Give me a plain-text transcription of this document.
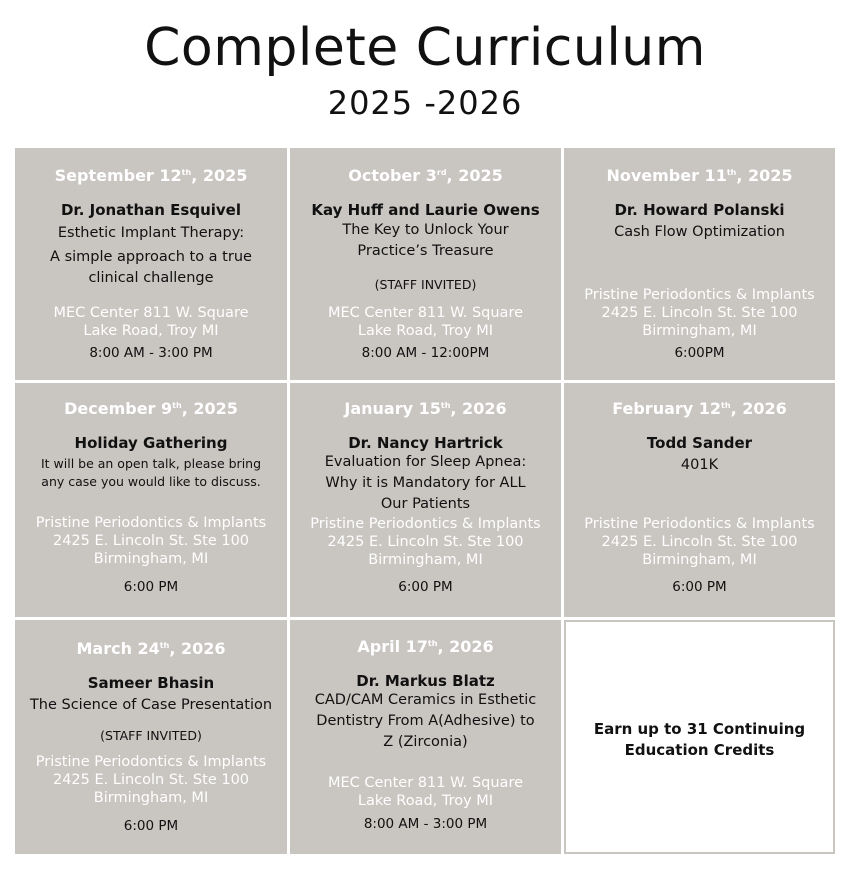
Complete Curriculum
2025 -2026
September 12th, 2025
Dr. Jonathan Esquivel
Esthetic Implant Therapy:
A simple approach to a true
clinical challenge
MEC Center 811 W. Square
Lake Road, Troy MI
8:00 AM - 3:00 PM
October 3rd, 2025
Kay Huff and Laurie Owens
The Key to Unlock Your
Practice’s Treasure
(STAFF INVITED)
MEC Center 811 W. Square
Lake Road, Troy MI
8:00 AM - 12:00PM
November 11th, 2025
Dr. Howard Polanski
Cash Flow Optimization
Pristine Periodontics & Implants
2425 E. Lincoln St. Ste 100
Birmingham, MI
6:00PM
December 9th, 2025
Holiday Gathering
It will be an open talk, please bring
any case you would like to discuss.
Pristine Periodontics & Implants
2425 E. Lincoln St. Ste 100
Birmingham, MI
6:00 PM
January 15th, 2026
Dr. Nancy Hartrick
Evaluation for Sleep Apnea:
Why it is Mandatory for ALL
Our Patients
Pristine Periodontics & Implants
2425 E. Lincoln St. Ste 100
Birmingham, MI
6:00 PM
February 12th, 2026
Todd Sander
401K
Pristine Periodontics & Implants
2425 E. Lincoln St. Ste 100
Birmingham, MI
6:00 PM
March 24th, 2026
Sameer Bhasin
The Science of Case Presentation
(STAFF INVITED)
Pristine Periodontics & Implants
2425 E. Lincoln St. Ste 100
Birmingham, MI
6:00 PM
April 17th, 2026
Dr. Markus Blatz
CAD/CAM Ceramics in Esthetic
Dentistry From A(Adhesive) to
Z (Zirconia)
MEC Center 811 W. Square
Lake Road, Troy MI
8:00 AM - 3:00 PM
Earn up to 31 Continuing
Education Credits
